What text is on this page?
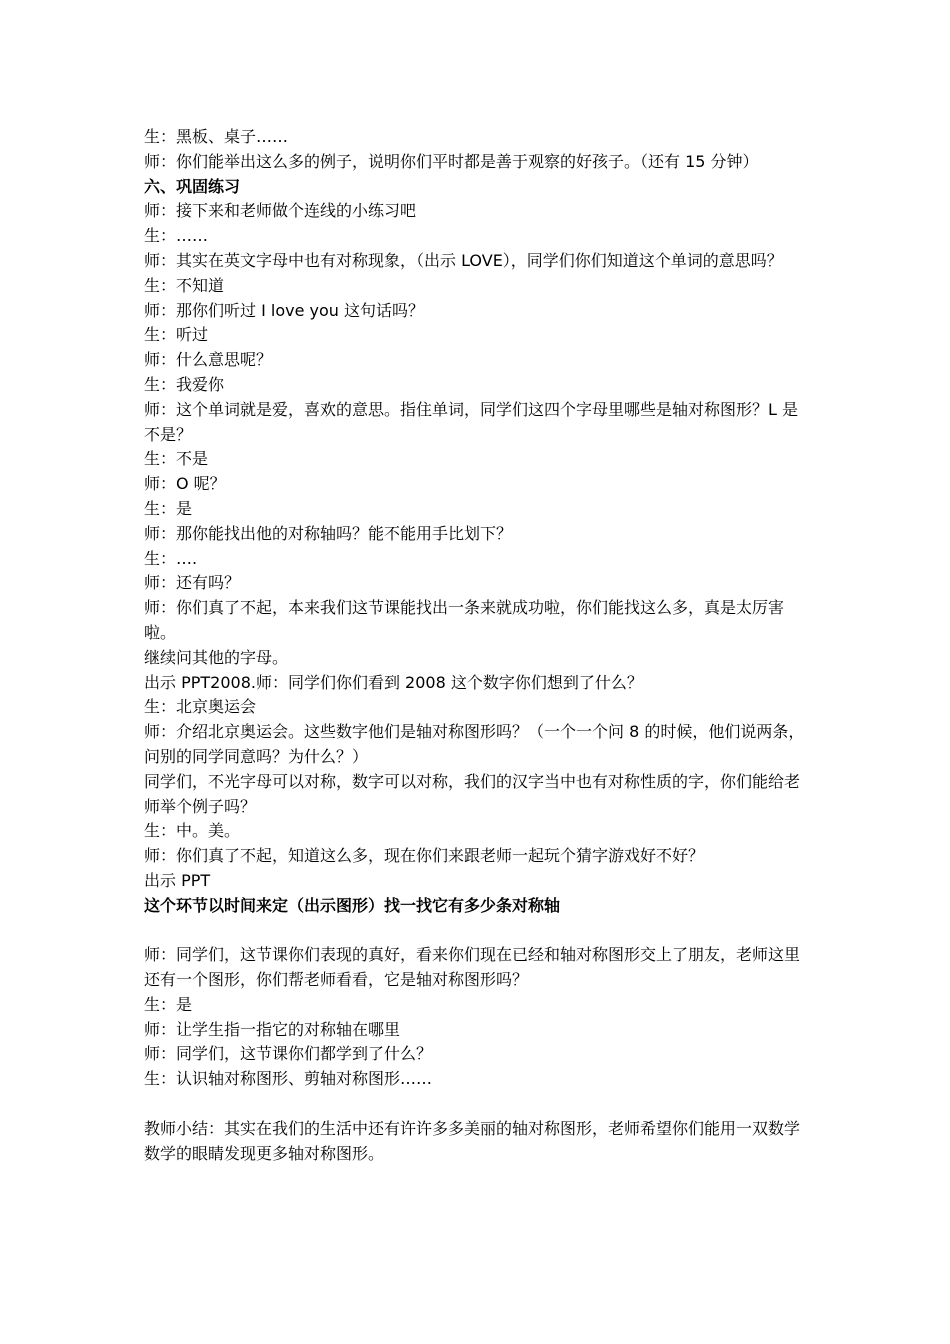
生：黑板、桌子……
师：你们能举出这么多的例子，说明你们平时都是善于观察的好孩子。（还有 15 分钟）
六、巩固练习
师：接下来和老师做个连线的小练习吧
生：……
师：其实在英文字母中也有对称现象，（出示 LOVE），同学们你们知道这个单词的意思吗？
生：不知道
师：那你们听过 I love you 这句话吗？
生：听过
师：什么意思呢？
生：我爱你
师：这个单词就是爱，喜欢的意思。指住单词，同学们这四个字母里哪些是轴对称图形？L 是不是？
生：不是
师：O 呢？
生：是
师：那你能找出他的对称轴吗？能不能用手比划下？
生：….
师：还有吗？
师：你们真了不起，本来我们这节课能找出一条来就成功啦，你们能找这么多，真是太厉害啦。
继续问其他的字母。
出示 PPT2008.师：同学们你们看到 2008 这个数字你们想到了什么？
生：北京奥运会
师：介绍北京奥运会。这些数字他们是轴对称图形吗？（一个一个问 8 的时候，他们说两条，问别的同学同意吗？为什么？）
同学们，不光字母可以对称，数字可以对称，我们的汉字当中也有对称性质的字，你们能给老师举个例子吗？
生：中。美。
师：你们真了不起，知道这么多，现在你们来跟老师一起玩个猜字游戏好不好？
出示 PPT
这个环节以时间来定（出示图形）找一找它有多少条对称轴
师：同学们，这节课你们表现的真好，看来你们现在已经和轴对称图形交上了朋友，老师这里还有一个图形，你们帮老师看看，它是轴对称图形吗？
生：是
师：让学生指一指它的对称轴在哪里
师：同学们，这节课你们都学到了什么？
生：认识轴对称图形、剪轴对称图形……
教师小结：其实在我们的生活中还有许许多多美丽的轴对称图形，老师希望你们能用一双数学数学的眼睛发现更多轴对称图形。
